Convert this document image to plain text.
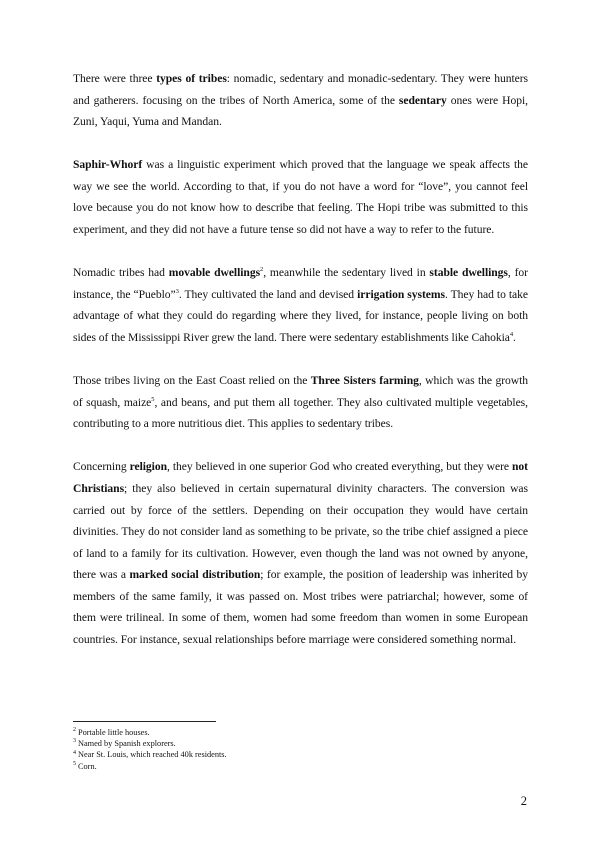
There were three types of tribes: nomadic, sedentary and monadic-sedentary. They were hunters and gatherers. focusing on the tribes of North America, some of the sedentary ones were Hopi, Zuni, Yaqui, Yuma and Mandan.

Saphir-Whorf was a linguistic experiment which proved that the language we speak affects the way we see the world. According to that, if you do not have a word for “love”, you cannot feel love because you do not know how to describe that feeling. The Hopi tribe was submitted to this experiment, and they did not have a future tense so did not have a way to refer to the future.

Nomadic tribes had movable dwellings$^2$, meanwhile the sedentary lived in stable dwellings, for instance, the “Pueblo”$^3$. They cultivated the land and devised irrigation systems. They had to take advantage of what they could do regarding where they lived, for instance, people living on both sides of the Mississippi River grew the land. There were sedentary establishments like Cahokia$^4$.

Those tribes living on the East Coast relied on the Three Sisters farming, which was the growth of squash, maize$^5$, and beans, and put them all together. They also cultivated multiple vegetables, contributing to a more nutritious diet. This applies to sedentary tribes.

Concerning religion, they believed in one superior God who created everything, but they were not Christians; they also believed in certain supernatural divinity characters. The conversion was carried out by force of the settlers. Depending on their occupation they would have certain divinities. They do not consider land as something to be private, so the tribe chief assigned a piece of land to a family for its cultivation. However, even though the land was not owned by anyone, there was a marked social distribution; for example, the position of leadership was inherited by members of the same family, it was passed on. Most tribes were patriarchal; however, some of them were trilineal. In some of them, women had some freedom than women in some European countries. For instance, sexual relationships before marriage were considered something normal.

$^2$ Portable little houses.

$^3$ Named by Spanish explorers.

$^4$ Near St. Louis, which reached 40k residents.

$^5$ Corn.

2
